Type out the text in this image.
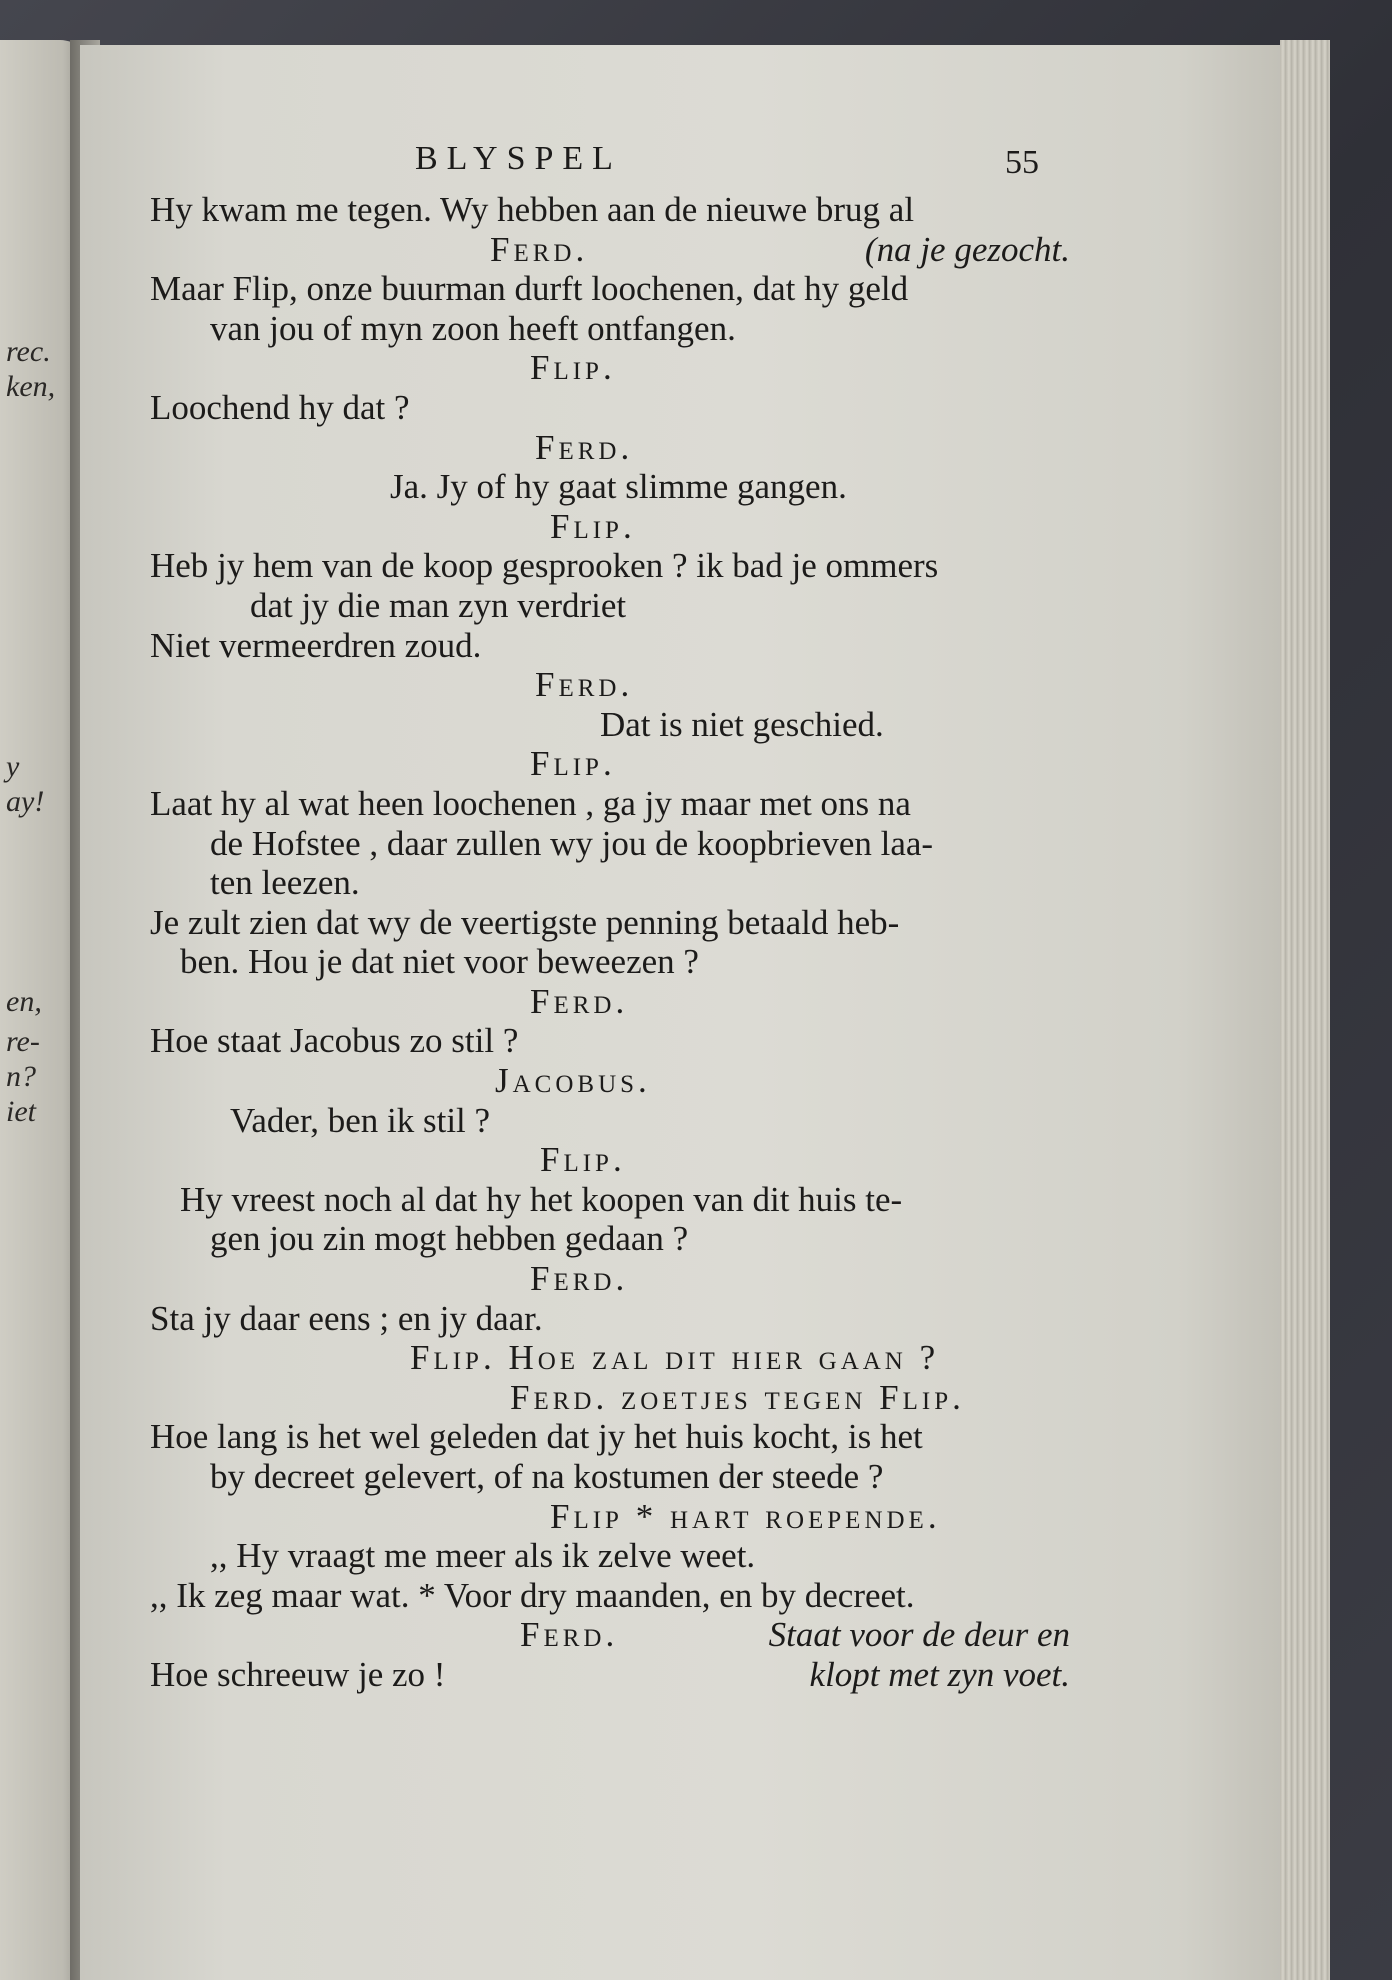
rec.
ken,
y
ay!
en,
re-
n?
iet
BLYSPEL	55
Hy kwam me tegen. Wy hebben aan de nieuwe brug al
Ferd.	(na je gezocht.
Maar Flip, onze buurman durft loochenen, dat hy geld
van jou of myn zoon heeft ontfangen.
Flip.
Loochend hy dat ?
Ferd.
Ja. Jy of hy gaat slimme gangen.
Flip.
Heb jy hem van de koop gesprooken ? ik bad je ommers
dat jy die man zyn verdriet
Niet vermeerdren zoud.
Ferd.
Dat is niet geschied.
Flip.
Laat hy al wat heen loochenen , ga jy maar met ons na
de Hofstee , daar zullen wy jou de koopbrieven laa-
ten leezen.
Je zult zien dat wy de veertigste penning betaald heb-
ben. Hou je dat niet voor beweezen ?
Ferd.
Hoe staat Jacobus zo stil ?
Jacobus.
Vader, ben ik stil ?
Flip.
Hy vreest noch al dat hy het koopen van dit huis te-
gen jou zin mogt hebben gedaan ?
Ferd.
Sta jy daar eens ; en jy daar.
Flip. Hoe zal dit hier gaan ?
Ferd. zoetjes tegen Flip.
Hoe lang is het wel geleden dat jy het huis kocht, is het
by decreet gelevert, of na kostumen der steede ?
Flip * hart roepende.
,, Hy vraagt me meer als ik zelve weet.
,, Ik zeg maar wat. * Voor dry maanden, en by decreet.
Ferd.	Staat voor de deur en
Hoe schreeuw je zo !	klopt met zyn voet.
